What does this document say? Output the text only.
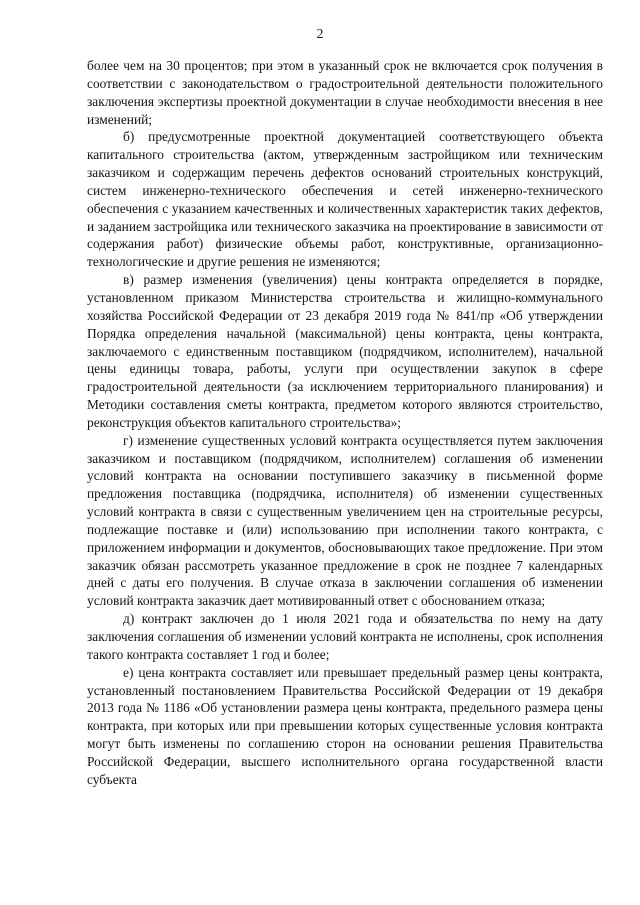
2

более чем на 30 процентов; при этом в указанный срок не включается срок получения в соответствии с законодательством о градостроительной деятельности положительного заключения экспертизы проектной документации в случае необходимости внесения в нее изменений;

б) предусмотренные проектной документацией соответствующего объекта капитального строительства (актом, утвержденным застройщиком или техническим заказчиком и содержащим перечень дефектов оснований строительных конструкций, систем инженерно-технического обеспечения и сетей инженерно-технического обеспечения с указанием качественных и количественных характеристик таких дефектов, и заданием застройщика или технического заказчика на проектирование в зависимости от содержания работ) физические объемы работ, конструктивные, организационно-технологические и другие решения не изменяются;

в) размер изменения (увеличения) цены контракта определяется в порядке, установленном приказом Министерства строительства и жилищно-коммунального хозяйства Российской Федерации от 23 декабря 2019 года № 841/пр «Об утверждении Порядка определения начальной (максимальной) цены контракта, цены контракта, заключаемого с единственным поставщиком (подрядчиком, исполнителем), начальной цены единицы товара, работы, услуги при осуществлении закупок в сфере градостроительной деятельности (за исключением территориального планирования) и Методики составления сметы контракта, предметом которого являются строительство, реконструкция объектов капитального строительства»;

г) изменение существенных условий контракта осуществляется путем заключения заказчиком и поставщиком (подрядчиком, исполнителем) соглашения об изменении условий контракта на основании поступившего заказчику в письменной форме предложения поставщика (подрядчика, исполнителя) об изменении существенных условий контракта в связи с существенным увеличением цен на строительные ресурсы, подлежащие поставке и (или) использованию при исполнении такого контракта, с приложением информации и документов, обосновывающих такое предложение. При этом заказчик обязан рассмотреть указанное предложение в срок не позднее 7 календарных дней с даты его получения. В случае отказа в заключении соглашения об изменении условий контракта заказчик дает мотивированный ответ с обоснованием отказа;

д) контракт заключен до 1 июля 2021 года и обязательства по нему на дату заключения соглашения об изменении условий контракта не исполнены, срок исполнения такого контракта составляет 1 год и более;

е) цена контракта составляет или превышает предельный размер цены контракта, установленный постановлением Правительства Российской Федерации от 19 декабря 2013 года № 1186 «Об установлении размера цены контракта, предельного размера цены контракта, при которых или при превышении которых существенные условия контракта могут быть изменены по соглашению сторон на основании решения Правительства Российской Федерации, высшего исполнительного органа государственной власти субъекта
